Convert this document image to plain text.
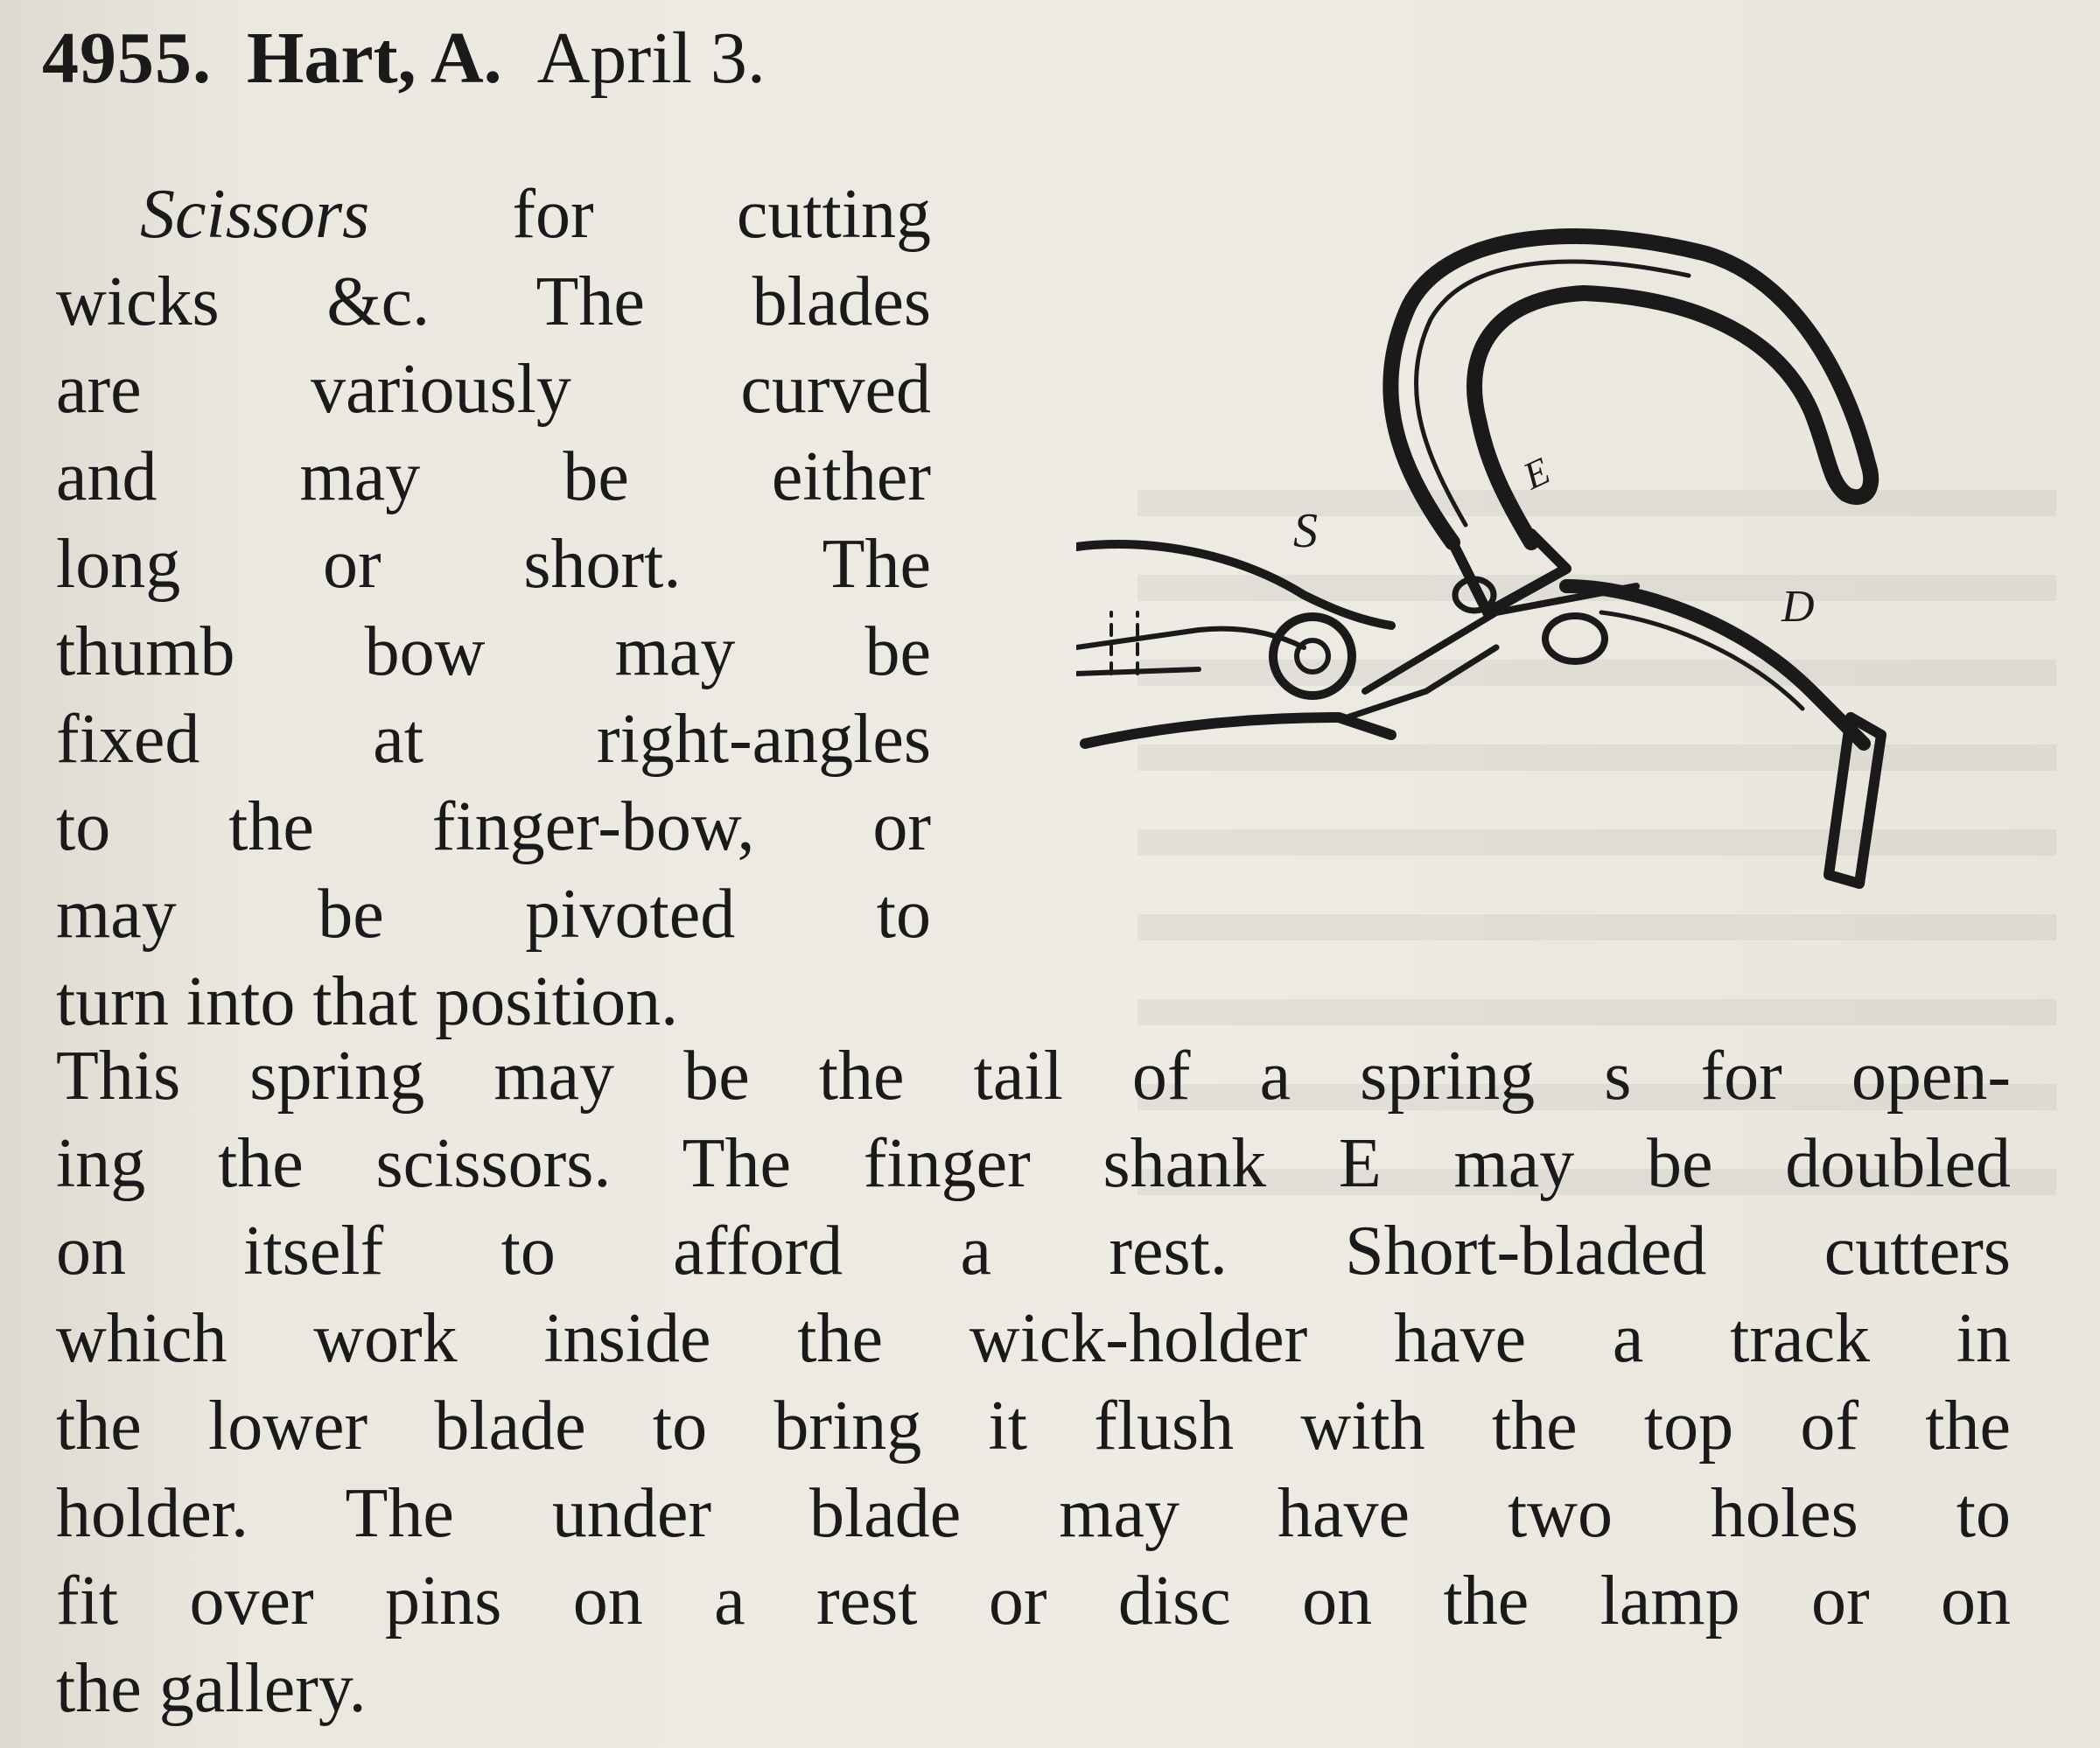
4955. Hart, A. April 3.
Scissors for cutting
wicks &c. The blades
are variously curved
and may be either
long or short. The
thumb bow may be
fixed at right-angles
to the finger-bow, or
may be pivoted to
turn into that position.
This spring may be the tail of a spring s for open-
ing the scissors. The finger shank E may be doubled
on itself to afford a rest. Short-bladed cutters
which work inside the wick-holder have a track in
the lower blade to bring it flush with the top of the
holder. The under blade may have two holes to
fit over pins on a rest or disc on the lamp or on
the gallery.
S
E
D
